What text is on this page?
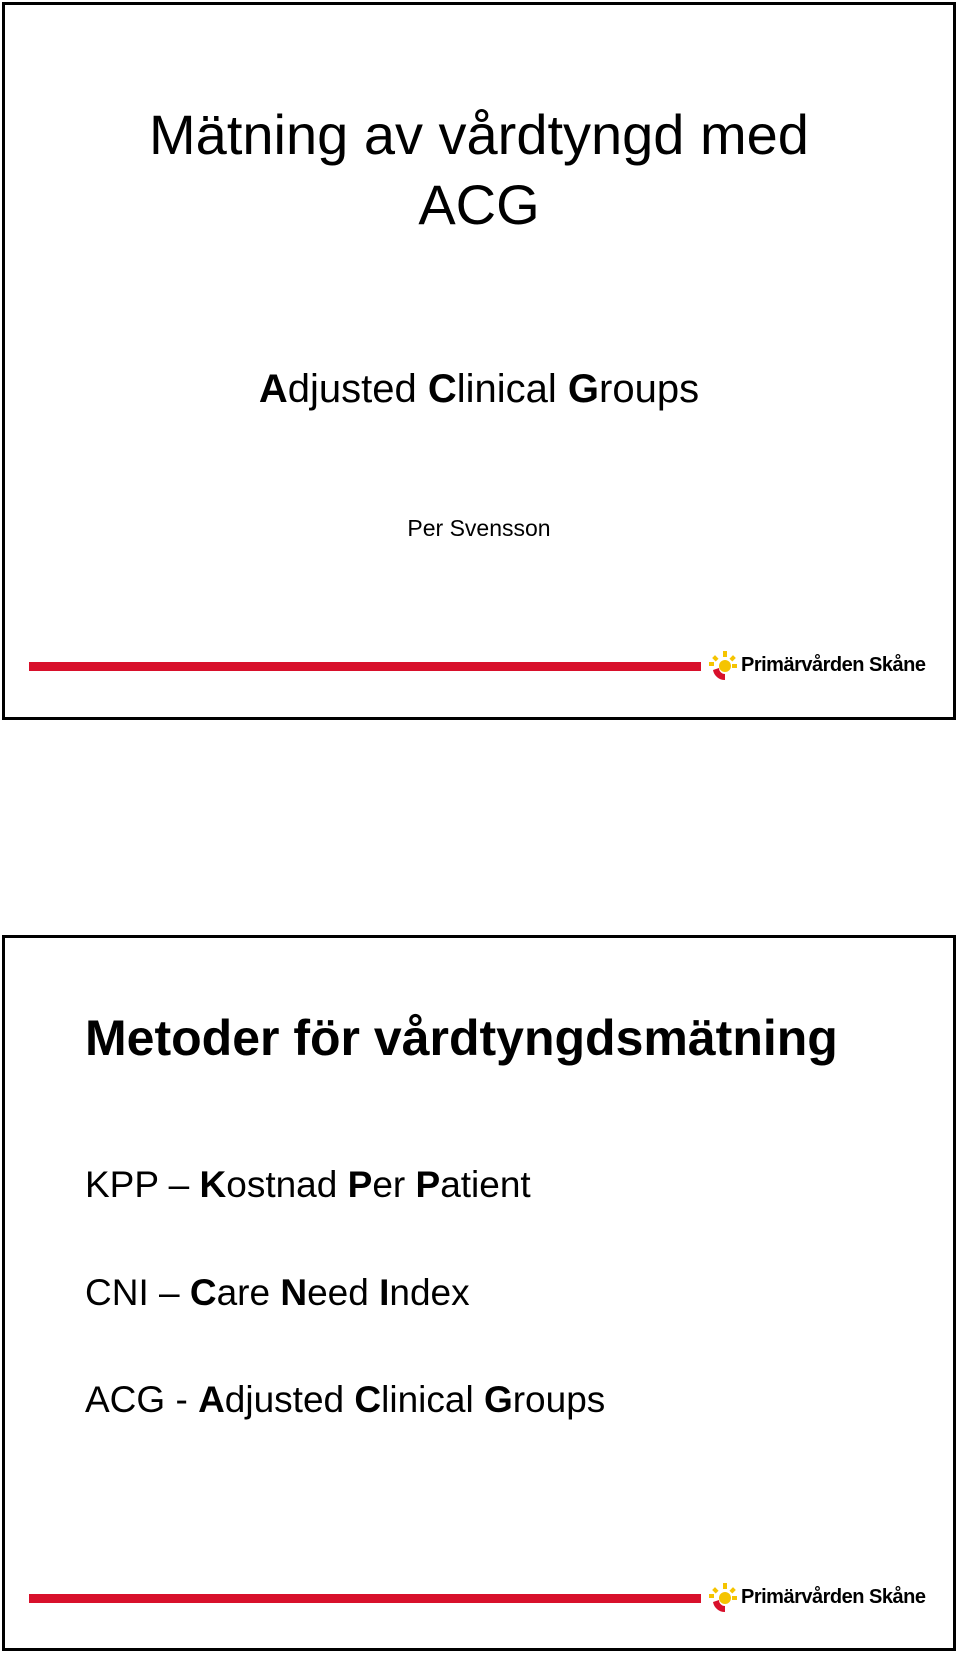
Mätning av vårdtyngd med
ACG
Adjusted Clinical Groups
Per Svensson
Primärvården Skåne
Metoder för vårdtyngdsmätning
KPP – Kostnad Per Patient
CNI – Care Need Index
ACG - Adjusted Clinical Groups
Primärvården Skåne
